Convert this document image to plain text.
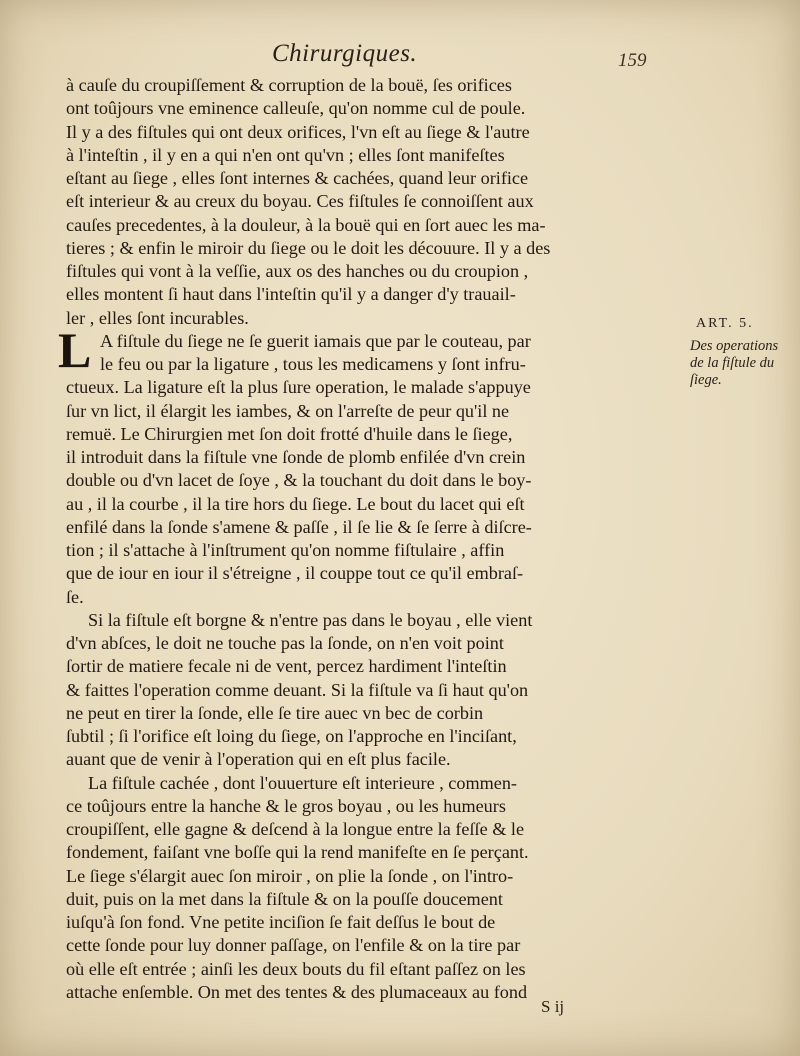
Chirurgiques.	159
à cauſe du croupiſſement & corruption de la bouë, ſes orifices
ont toûjours vne eminence calleuſe, qu'on nomme cul de poule.
Il y a des fiſtules qui ont deux orifices, l'vn eſt au ſiege & l'autre
à l'inteſtin , il y en a qui n'en ont qu'vn ; elles ſont manifeſtes
eſtant au ſiege , elles ſont internes & cachées, quand leur orifice
eſt interieur & au creux du boyau. Ces fiſtules ſe connoiſſent aux
cauſes precedentes, à la douleur, à la bouë qui en ſort auec les ma-
tieres ; & enfin le miroir du ſiege ou le doit les découure. Il y a des
fiſtules qui vont à la veſſie, aux os des hanches ou du croupion ,
elles montent ſi haut dans l'inteſtin qu'il y a danger d'y trauail-
ler , elles ſont incurables.
A fiſtule du ſiege ne ſe guerit iamais que par le couteau, par
le feu ou par la ligature , tous les medicamens y ſont infru-
ctueux. La ligature eſt la plus ſure operation, le malade s'appuye
ſur vn lict, il élargit les iambes, & on l'arreſte de peur qu'il ne
remuë. Le Chirurgien met ſon doit frotté d'huile dans le ſiege,
il introduit dans la fiſtule vne ſonde de plomb enfilée d'vn crein
double ou d'vn lacet de ſoye , & la touchant du doit dans le boy-
au , il la courbe , il la tire hors du ſiege. Le bout du lacet qui eſt
enfilé dans la ſonde s'amene & paſſe , il ſe lie & ſe ſerre à diſcre-
tion ; il s'attache à l'inſtrument qu'on nomme fiſtulaire , affin
que de iour en iour il s'étreigne , il couppe tout ce qu'il embraſ-
ſe.
Si la fiſtule eſt borgne & n'entre pas dans le boyau , elle vient
d'vn abſces, le doit ne touche pas la ſonde, on n'en voit point
ſortir de matiere fecale ni de vent, percez hardiment l'inteſtin
& faittes l'operation comme deuant. Si la fiſtule va ſi haut qu'on
ne peut en tirer la ſonde, elle ſe tire auec vn bec de corbin
ſubtil ; ſi l'orifice eſt loing du ſiege, on l'approche en l'inciſant,
auant que de venir à l'operation qui en eſt plus facile.
La fiſtule cachée , dont l'ouuerture eſt interieure , commen-
ce toûjours entre la hanche & le gros boyau , ou les humeurs
croupiſſent, elle gagne & deſcend à la longue entre la feſſe & le
fondement, faiſant vne boſſe qui la rend manifeſte en ſe perçant.
Le ſiege s'élargit auec ſon miroir , on plie la ſonde , on l'intro-
duit, puis on la met dans la fiſtule & on la pouſſe doucement
iuſqu'à ſon fond. Vne petite inciſion ſe fait deſſus le bout de
cette ſonde pour luy donner paſſage, on l'enfile & on la tire par
où elle eſt entrée ; ainſi les deux bouts du fil eſtant paſſez on les
attache enſemble. On met des tentes & des plumaceaux au fond
L	ART. 5.
Des operations de la fiſtule du ſiege.
S ij
